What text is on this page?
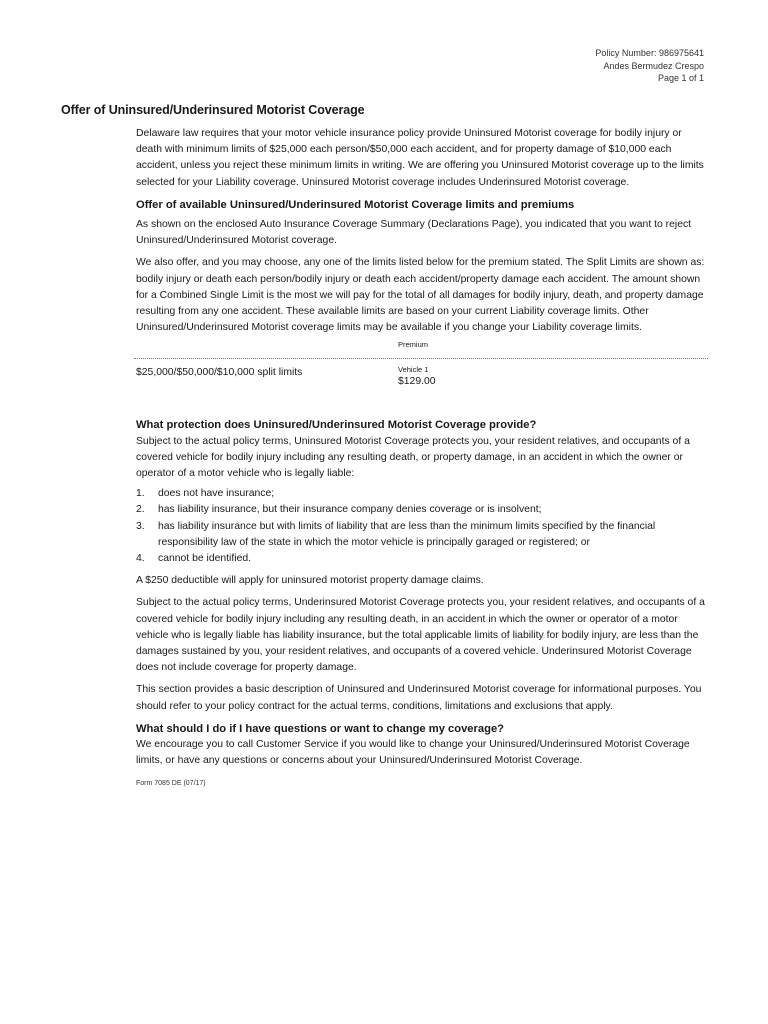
Policy Number: 986975641
Andes Bermudez Crespo
Page 1 of 1
Offer of Uninsured/Underinsured Motorist Coverage

Delaware law requires that your motor vehicle insurance policy provide Uninsured Motorist coverage for bodily injury or death with minimum limits of $25,000 each person/$50,000 each accident, and for property damage of $10,000 each accident, unless you reject these minimum limits in writing. We are offering you Uninsured Motorist coverage up to the limits selected for your Liability coverage. Uninsured Motorist coverage includes Underinsured Motorist coverage.

Offer of available Uninsured/Underinsured Motorist Coverage limits and premiums

As shown on the enclosed Auto Insurance Coverage Summary (Declarations Page), you indicated that you want to reject Uninsured/Underinsured Motorist coverage.

We also offer, and you may choose, any one of the limits listed below for the premium stated. The Split Limits are shown as: bodily injury or death each person/bodily injury or death each accident/property damage each accident. The amount shown for a Combined Single Limit is the most we will pay for the total of all damages for bodily injury, death, and property damage resulting from any one accident. These available limits are based on your current Liability coverage limits. Other Uninsured/Underinsured Motorist coverage limits may be available if you change your Liability coverage limits.

Premium
$25,000/$50,000/$10,000 split limits	Vehicle 1
$129.00
What protection does Uninsured/Underinsured Motorist Coverage provide?

Subject to the actual policy terms, Uninsured Motorist Coverage protects you, your resident relatives, and occupants of a covered vehicle for bodily injury including any resulting death, or property damage, in an accident in which the owner or operator of a motor vehicle who is legally liable:

1. does not have insurance;
2. has liability insurance, but their insurance company denies coverage or is insolvent;
3. has liability insurance but with limits of liability that are less than the minimum limits specified by the financial responsibility law of the state in which the motor vehicle is principally garaged or registered; or
4. cannot be identified.

A $250 deductible will apply for uninsured motorist property damage claims.

Subject to the actual policy terms, Underinsured Motorist Coverage protects you, your resident relatives, and occupants of a covered vehicle for bodily injury including any resulting death, in an accident in which the owner or operator of a motor vehicle who is legally liable has liability insurance, but the total applicable limits of liability for bodily injury, are less than the damages sustained by you, your resident relatives, and occupants of a covered vehicle. Underinsured Motorist Coverage does not include coverage for property damage.

This section provides a basic description of Uninsured and Underinsured Motorist coverage for informational purposes. You should refer to your policy contract for the actual terms, conditions, limitations and exclusions that apply.

What should I do if I have questions or want to change my coverage?

We encourage you to call Customer Service if you would like to change your Uninsured/Underinsured Motorist Coverage limits, or have any questions or concerns about your Uninsured/Underinsured Motorist Coverage.

Form 7085 DE (07/17)
